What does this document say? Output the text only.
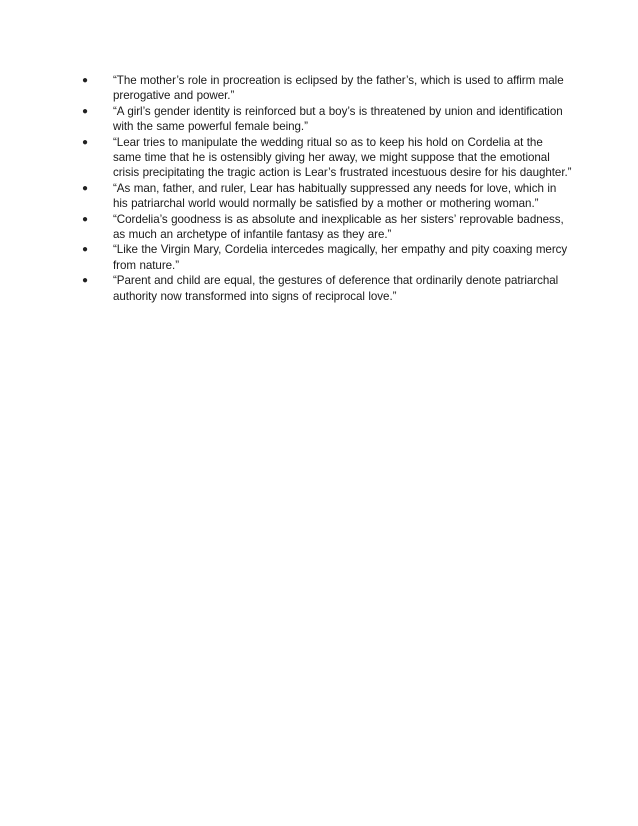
●	“The mother’s role in procreation is eclipsed by the father’s, which is used to affirm male prerogative and power.”
●	“A girl’s gender identity is reinforced but a boy’s is threatened by union and identification with the same powerful female being.”
●	“Lear tries to manipulate the wedding ritual so as to keep his hold on Cordelia at the same time that he is ostensibly giving her away, we might suppose that the emotional crisis precipitating the tragic action is Lear’s frustrated incestuous desire for his daughter.”
●	“As man, father, and ruler, Lear has habitually suppressed any needs for love, which in his patriarchal world would normally be satisfied by a mother or mothering woman.”
●	“Cordelia’s goodness is as absolute and inexplicable as her sisters’ reprovable badness, as much an archetype of infantile fantasy as they are.”
●	“Like the Virgin Mary, Cordelia intercedes magically, her empathy and pity coaxing mercy from nature.”
●	“Parent and child are equal, the gestures of deference that ordinarily denote patriarchal authority now transformed into signs of reciprocal love.”
